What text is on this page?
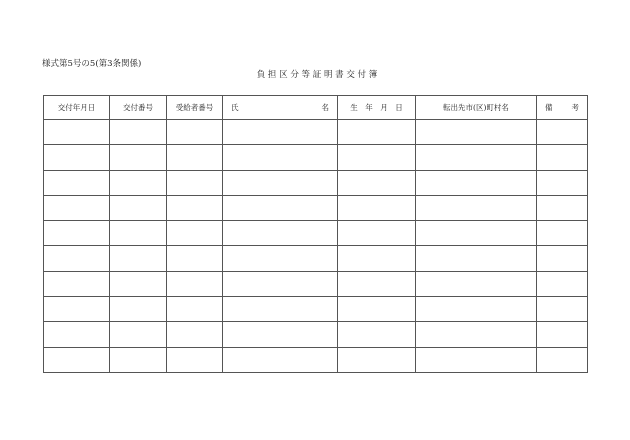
様式第5号の5(第3条関係)
負 担 区 分 等 証 明 書 交 付 簿
交付年月日	交付番号	受給者番号	氏 名	生　年　月　日	転出先市(区)町村名	備 考
